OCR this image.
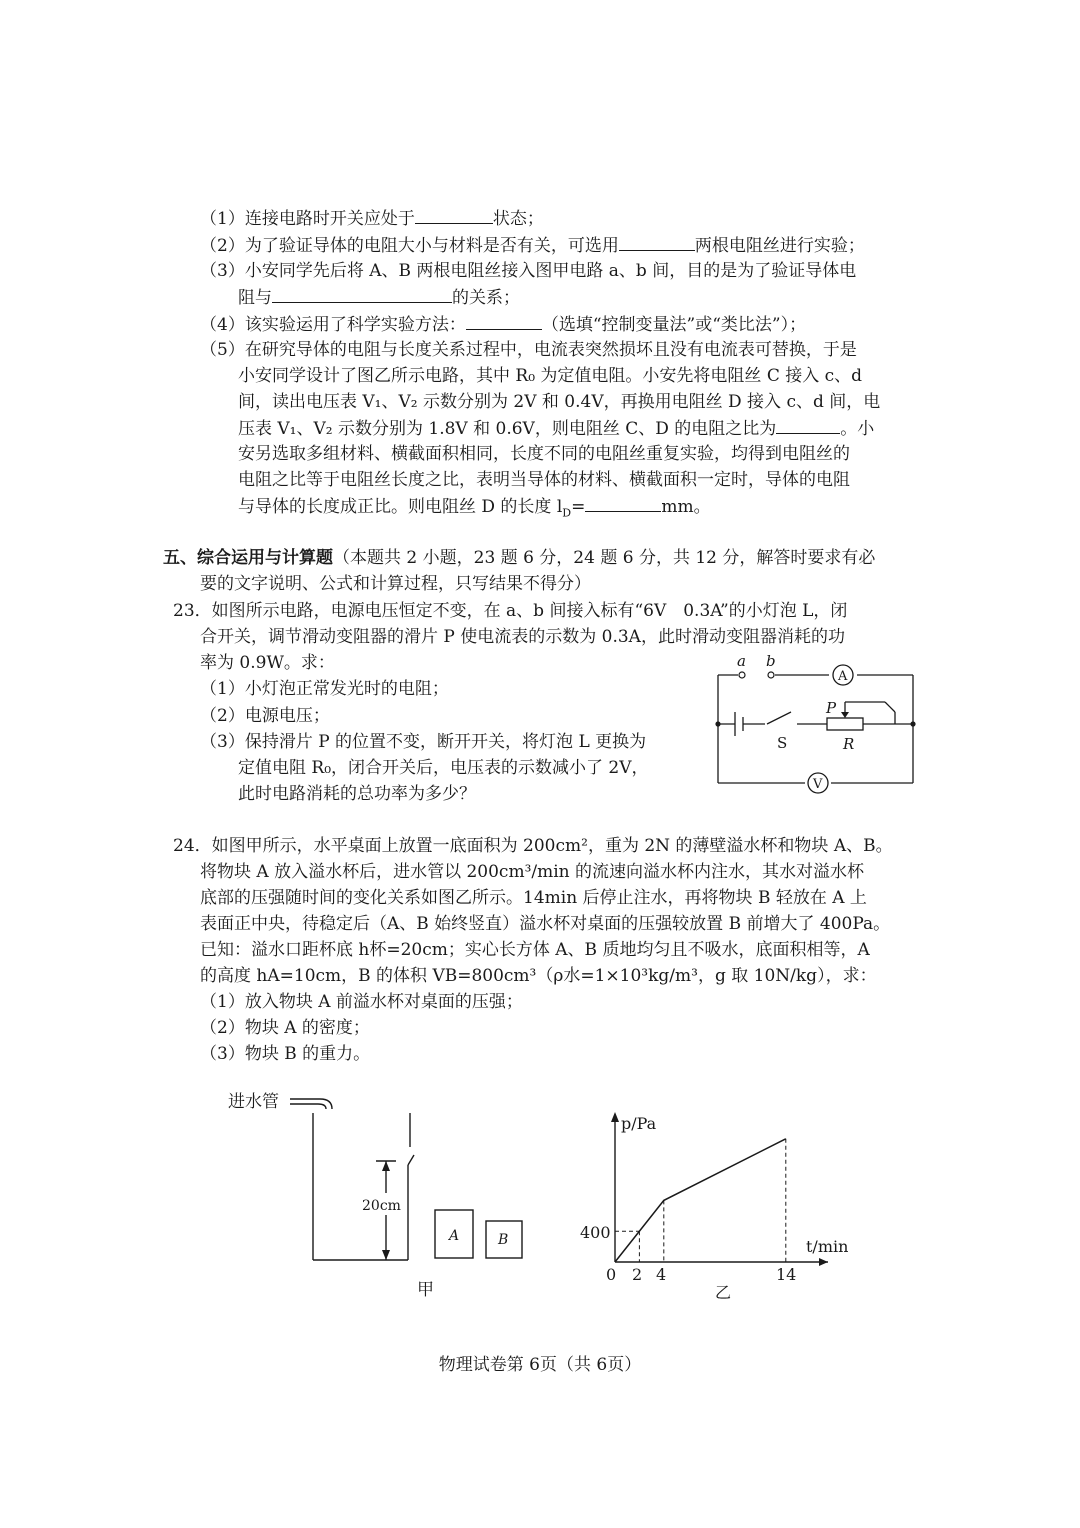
（1）连接电路时开关应处于	状态；
（2）为了验证导体的电阻大小与材料是否有关，可选用	两根电阻丝进行实验；
（3）小安同学先后将 A、B 两根电阻丝接入图甲电路 a、b 间，目的是为了验证导体电
阻与	的关系；
（4）该实验运用了科学实验方法：	（选填“控制变量法”或“类比法”）；
（5）在研究导体的电阻与长度关系过程中，电流表突然损坏且没有电流表可替换，于是
小安同学设计了图乙所示电路，其中 R₀ 为定值电阻。小安先将电阻丝 C 接入 c、d
间，读出电压表 V₁、V₂ 示数分别为 2V 和 0.4V，再换用电阻丝 D 接入 c、d 间，电
压表 V₁、V₂ 示数分别为 1.8V 和 0.6V，则电阻丝 C、D 的电阻之比为	。小
安另选取多组材料、横截面积相同，长度不同的电阻丝重复实验，均得到电阻丝的
电阻之比等于电阻丝长度之比，表明当导体的材料、横截面积一定时，导体的电阻
与导体的长度成正比。则电阻丝 D 的长度 $l_D=$	mm。
五、综合运用与计算题（本题共 2 小题，23 题 6 分，24 题 6 分，共 12 分，解答时要求有必
要的文字说明、公式和计算过程，只写结果不得分）
23．如图所示电路，电源电压恒定不变，在 a、b 间接入标有“6V　0.3A”的小灯泡 L，闭
合开关，调节滑动变阻器的滑片 P 使电流表的示数为 0.3A，此时滑动变阻器消耗的功
率为 0.9W。求：
（1）小灯泡正常发光时的电阻；
（2）电源电压；
（3）保持滑片 P 的位置不变，断开开关，将灯泡 L 更换为
定值电阻 R₀，闭合开关后，电压表的示数减小了 2V，
此时电路消耗的总功率为多少？
a b
A
V
P
S	R
24．如图甲所示，水平桌面上放置一底面积为 200cm²，重为 2N 的薄壁溢水杯和物块 A、B。
将物块 A 放入溢水杯后，进水管以 200cm³/min 的流速向溢水杯内注水，其水对溢水杯
底部的压强随时间的变化关系如图乙所示。14min 后停止注水，再将物块 B 轻放在 A 上
表面正中央，待稳定后（A、B 始终竖直）溢水杯对桌面的压强较放置 B 前增大了 400Pa。
已知：溢水口距杯底 h杯=20cm；实心长方体 A、B 质地均匀且不吸水，底面积相等，A
的高度 hA=10cm，B 的体积 VB=800cm³（ρ水=1×10³kg/m³，g 取 10N/kg），求：
（1）放入物块 A 前溢水杯对桌面的压强；
（2）物块 A 的密度；
（3）物块 B 的重力。
进水管
20cm
A	B
甲
p/Pa
t/min
400
0 2 4	14
乙
物理试卷第 6页（共 6页）
